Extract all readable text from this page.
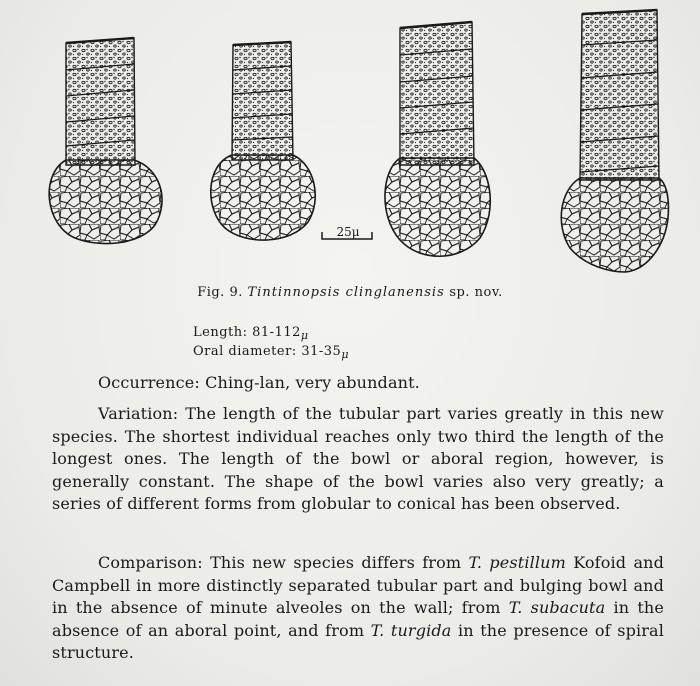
25μ
Fig. 9. Tintinnopsis clinglanensis sp. nov.
Length: $81-112_\mu$
Oral diameter: $31-35_\mu$

Occurrence: Ching-lan, very abundant.

Variation: The length of the tubular part varies greatly in this new species. The shortest individual reaches only two third the length of the longest ones. The length of the bowl or aboral region, however, is generally constant. The shape of the bowl varies also very greatly; a series of different forms from globular to conical has been observed.

Comparison: This new species differs from T. pestillum Kofoid and Campbell in more distinctly separated tubular part and bulging bowl and in the absence of minute alveoles on the wall; from T. subacuta in the absence of an aboral point, and from T. turgida in the presence of spiral structure.
